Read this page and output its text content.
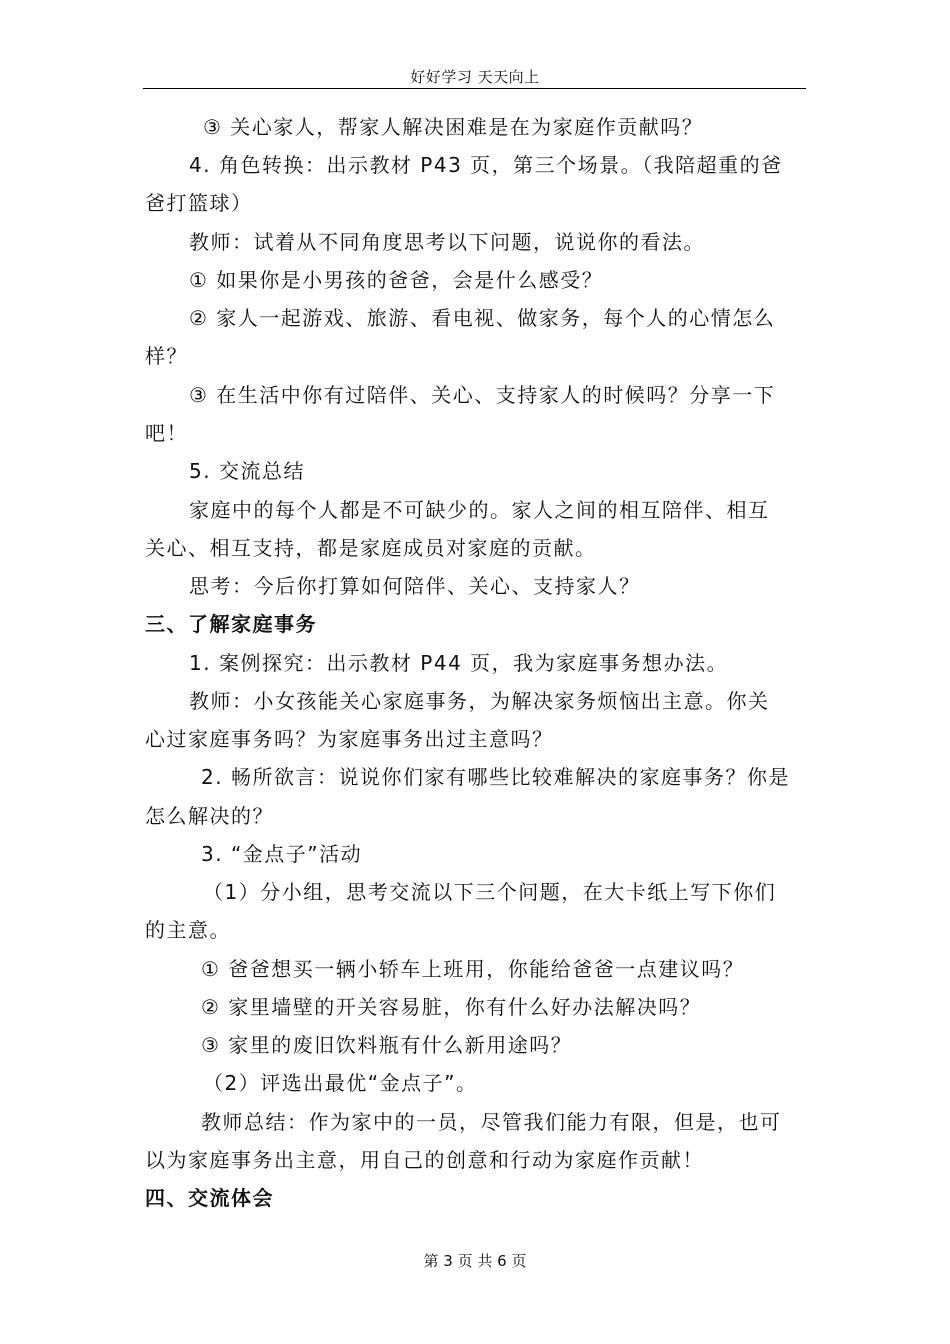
好好学习 天天向上
③ 关心家人，帮家人解决困难是在为家庭作贡献吗？
4. 角色转换：出示教材 P43 页，第三个场景。（我陪超重的爸
爸打篮球）
教师：试着从不同角度思考以下问题，说说你的看法。
① 如果你是小男孩的爸爸，会是什么感受？
② 家人一起游戏、旅游、看电视、做家务，每个人的心情怎么
样？
③ 在生活中你有过陪伴、关心、支持家人的时候吗？分享一下
吧！
5. 交流总结
家庭中的每个人都是不可缺少的。家人之间的相互陪伴、相互
关心、相互支持，都是家庭成员对家庭的贡献。
思考：今后你打算如何陪伴、关心、支持家人？
三、了解家庭事务
1. 案例探究：出示教材 P44 页，我为家庭事务想办法。
教师：小女孩能关心家庭事务，为解决家务烦恼出主意。你关
心过家庭事务吗？为家庭事务出过主意吗？
2. 畅所欲言：说说你们家有哪些比较难解决的家庭事务？你是
怎么解决的？
3. “金点子”活动
（1）分小组，思考交流以下三个问题，在大卡纸上写下你们
的主意。
① 爸爸想买一辆小轿车上班用，你能给爸爸一点建议吗？
② 家里墙壁的开关容易脏，你有什么好办法解决吗？
③ 家里的废旧饮料瓶有什么新用途吗？
（2）评选出最优“金点子”。
教师总结：作为家中的一员，尽管我们能力有限，但是，也可
以为家庭事务出主意，用自己的创意和行动为家庭作贡献！
四、交流体会
第 3 页 共 6 页
